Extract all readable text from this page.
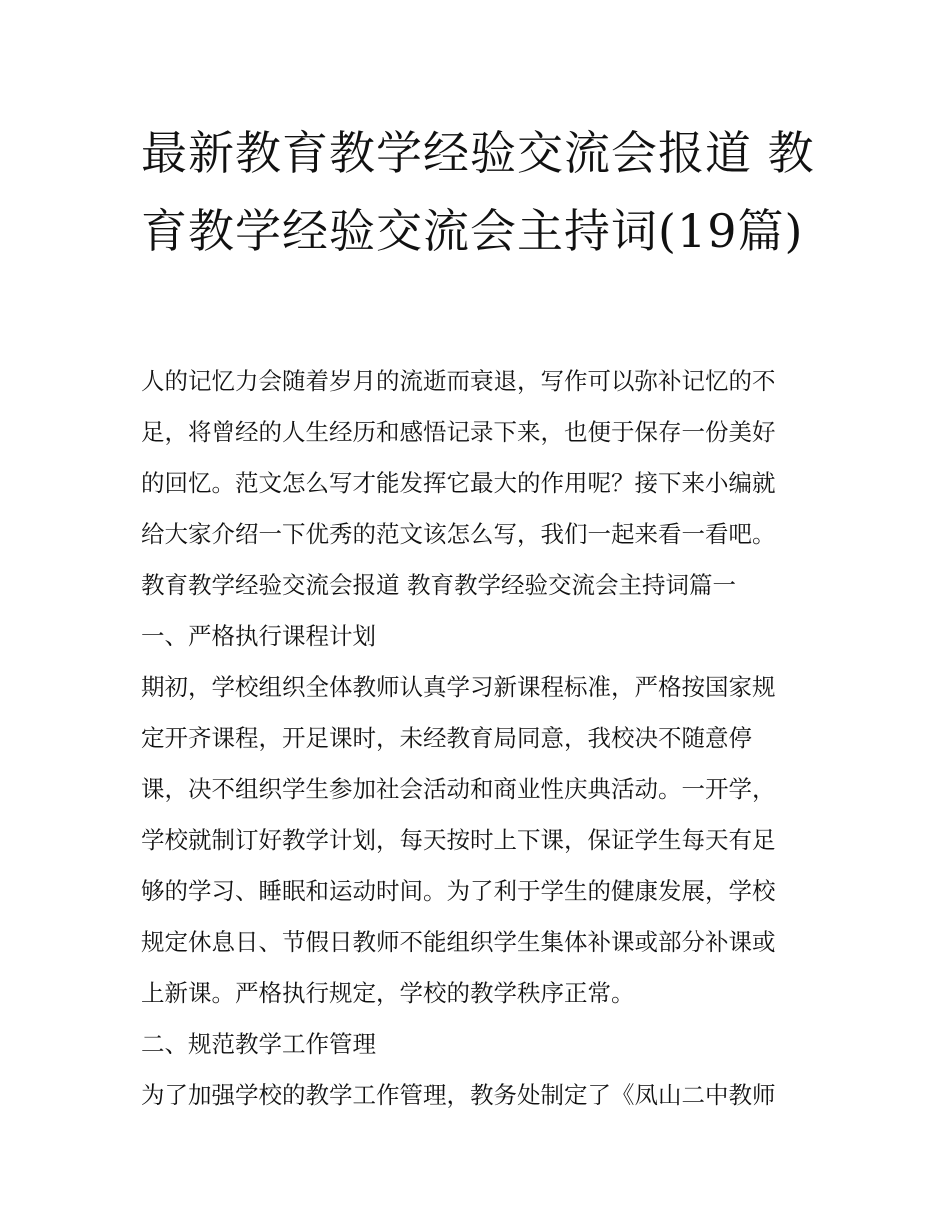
最新教育教学经验交流会报道 教育教学经验交流会主持词(19篇)

人的记忆力会随着岁月的流逝而衰退，写作可以弥补记忆的不

足，将曾经的人生经历和感悟记录下来，也便于保存一份美好

的回忆。范文怎么写才能发挥它最大的作用呢？接下来小编就

给大家介绍一下优秀的范文该怎么写，我们一起来看一看吧。

教育教学经验交流会报道 教育教学经验交流会主持词篇一

一、严格执行课程计划

期初，学校组织全体教师认真学习新课程标准，严格按国家规

定开齐课程，开足课时，未经教育局同意，我校决不随意停

课，决不组织学生参加社会活动和商业性庆典活动。一开学，

学校就制订好教学计划，每天按时上下课，保证学生每天有足

够的学习、睡眠和运动时间。为了利于学生的健康发展，学校

规定休息日、节假日教师不能组织学生集体补课或部分补课或

上新课。严格执行规定，学校的教学秩序正常。

二、规范教学工作管理

为了加强学校的教学工作管理，教务处制定了《凤山二中教师
